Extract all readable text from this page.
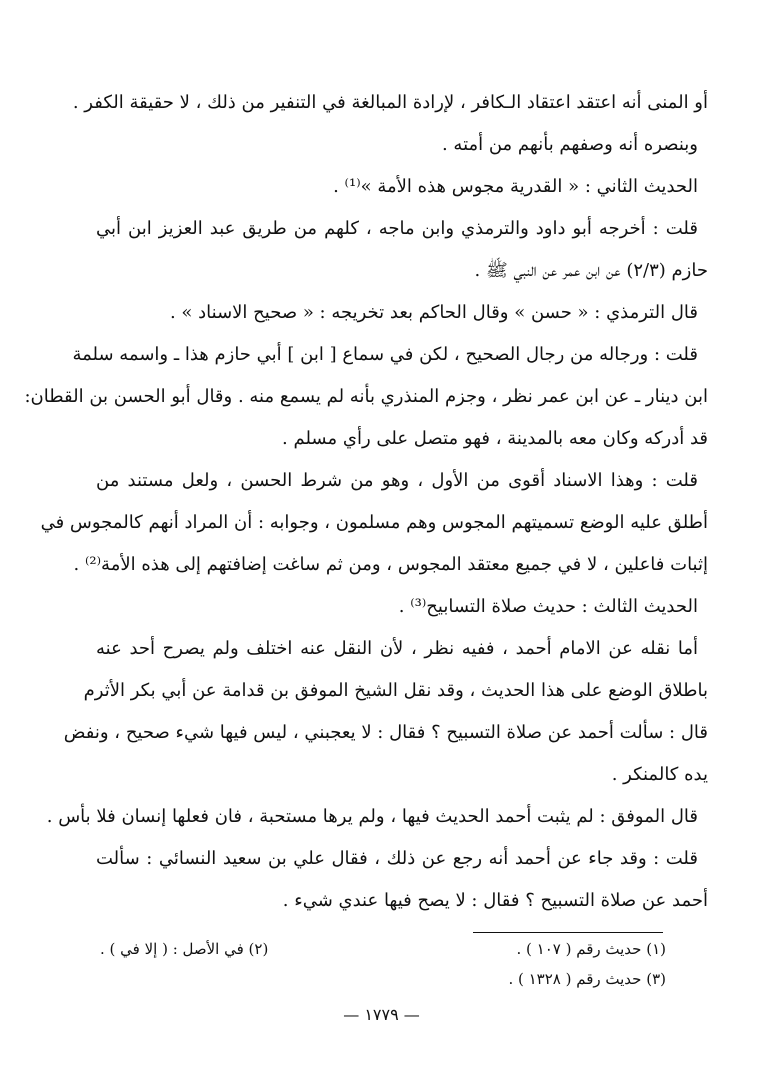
أو المنى أنه اعتقد اعتقاد الـكافر ، لإرادة المبالغة في التنفير من ذلك ، لا حقيقة الكفر .
وبنصره أنه وصفهم بأنهم من أمته .
الحديث الثاني : « القدرية مجوس هذه الأمة »⁽¹⁾ .
قلت : أخرجه أبو داود والترمذي وابن ماجه ، كلهم من طريق عبد العزيز ابن أبي
حازم (٢/٣) عن ابن عمر عن النبي ﷺ .
قال الترمذي : « حسن » وقال الحاكم بعد تخريجه : « صحيح الاسناد » .
قلت : ورجاله من رجال الصحيح ، لكن في سماع [ ابن ] أبي حازم هذا ـ واسمه سلمة
ابن دينار ـ عن ابن عمر نظر ، وجزم المنذري بأنه لم يسمع منه . وقال أبو الحسن بن القطان:
قد أدركه وكان معه بالمدينة ، فهو متصل على رأي مسلم .
قلت : وهذا الاسناد أقوى من الأول ، وهو من شرط الحسن ، ولعل مستند من
أطلق عليه الوضع تسميتهم المجوس وهم مسلمون ، وجوابه : أن المراد أنهم كالمجوس في
إثبات فاعلين ، لا في جميع معتقد المجوس ، ومن ثم ساغت إضافتهم إلى هذه الأمة⁽²⁾ .
الحديث الثالث : حديث صلاة التسابيح⁽³⁾ .
أما نقله عن الامام أحمد ، ففيه نظر ، لأن النقل عنه اختلف ولم يصرح أحد عنه
باطلاق الوضع على هذا الحديث ، وقد نقل الشيخ الموفق بن قدامة عن أبي بكر الأثرم
قال : سألت أحمد عن صلاة التسبيح ؟ فقال : لا يعجبني ، ليس فيها شيء صحيح ، ونفض
يده كالمنكر .
قال الموفق : لم يثبت أحمد الحديث فيها ، ولم يرها مستحبة ، فان فعلها إنسان فلا بأس .
قلت : وقد جاء عن أحمد أنه رجع عن ذلك ، فقال علي بن سعيد النسائي : سألت
أحمد عن صلاة التسبيح ؟ فقال : لا يصح فيها عندي شيء .
(١) حديث رقم ( ١٠٧ ) .
(٢) في الأصل : ( إلا في ) .
(٣) حديث رقم ( ١٣٢٨ ) .
— ١٧٧٩ —
